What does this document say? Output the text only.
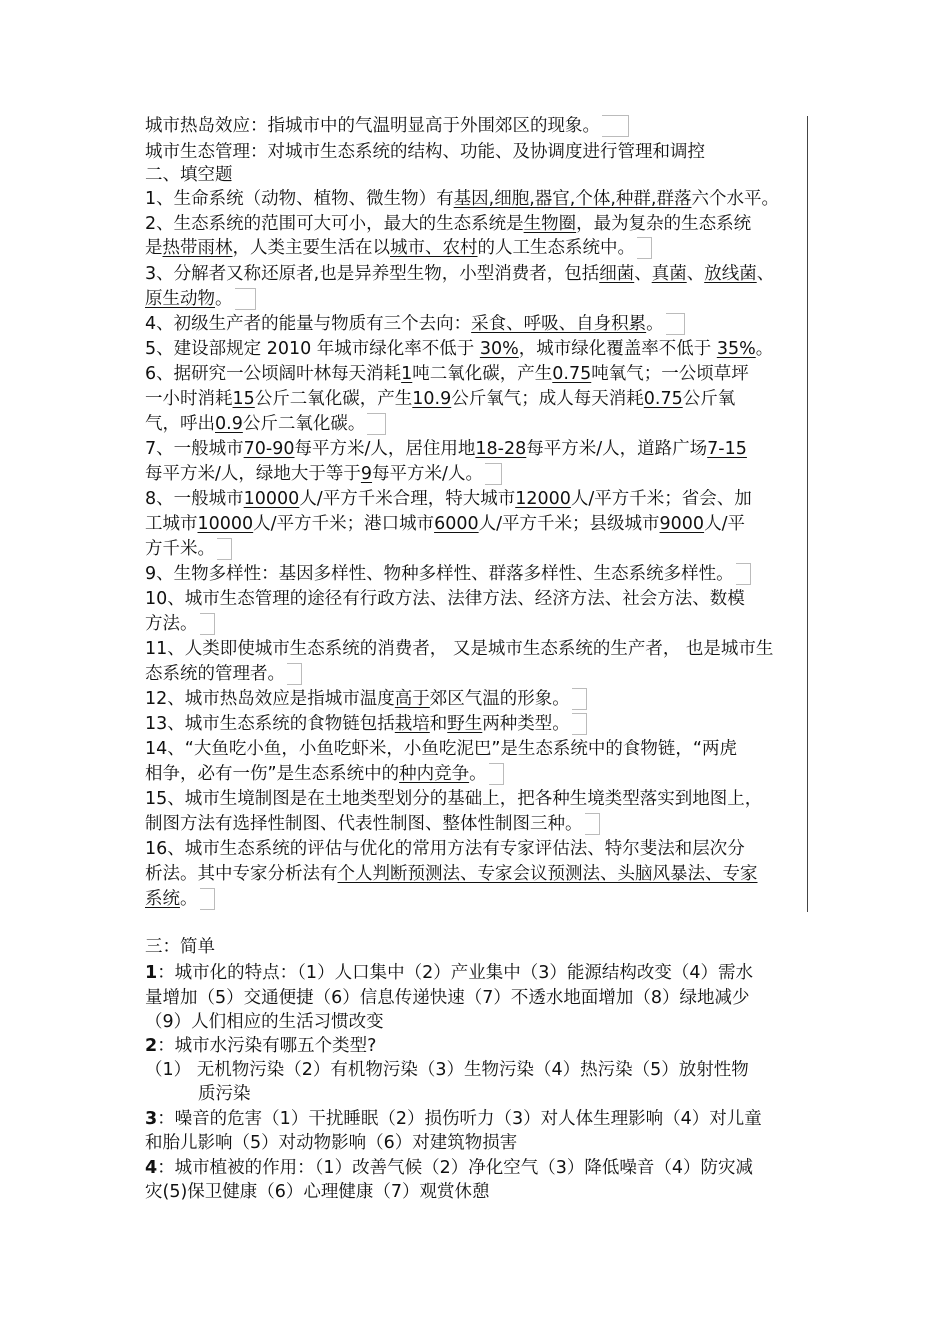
城市热岛效应：指城市中的气温明显高于外围郊区的现象。
城市生态管理：对城市生态系统的结构、功能、及协调度进行管理和调控
二、填空题
1、生命系统（动物、植物、微生物）有基因,细胞,器官,个体,种群,群落六个水平。
2、生态系统的范围可大可小，最大的生态系统是生物圈，最为复杂的生态系统
是热带雨林，人类主要生活在以城市、农村的人工生态系统中。
3、分解者又称还原者,也是异养型生物，小型消费者，包括细菌、真菌、放线菌、
原生动物。
4、初级生产者的能量与物质有三个去向：采食、呼吸、自身积累。
5、建设部规定 2010 年城市绿化率不低于 30%，城市绿化覆盖率不低于 35%。
6、据研究一公顷阔叶林每天消耗1吨二氧化碳，产生0.75吨氧气；一公顷草坪
一小时消耗15公斤二氧化碳，产生10.9公斤氧气；成人每天消耗0.75公斤氧
气，呼出0.9公斤二氧化碳。
7、一般城市70-90每平方米/人，居住用地18-28每平方米/人，道路广场7-15
每平方米/人，绿地大于等于9每平方米/人。
8、一般城市10000人/平方千米合理，特大城市12000人/平方千米；省会、加
工城市10000人/平方千米；港口城市6000人/平方千米；县级城市9000人/平
方千米。
9、生物多样性：基因多样性、物种多样性、群落多样性、生态系统多样性。
10、城市生态管理的途径有行政方法、法律方法、经济方法、社会方法、数模
方法。
11、人类即使城市生态系统的消费者， 又是城市生态系统的生产者， 也是城市生
态系统的管理者。
12、城市热岛效应是指城市温度高于郊区气温的形象。
13、城市生态系统的食物链包括栽培和野生两种类型。
14、“大鱼吃小鱼，小鱼吃虾米，小鱼吃泥巴”是生态系统中的食物链，“两虎
相争，必有一伤”是生态系统中的种内竞争。
15、城市生境制图是在土地类型划分的基础上，把各种生境类型落实到地图上，
制图方法有选择性制图、代表性制图、整体性制图三种。
16、城市生态系统的评估与优化的常用方法有专家评估法、特尔斐法和层次分
析法。其中专家分析法有个人判断预测法、专家会议预测法、头脑风暴法、专家
系统。
三：简单
1：城市化的特点：（1）人口集中（2）产业集中（3）能源结构改变（4）需水
量增加（5）交通便捷（6）信息传递快速（7）不透水地面增加（8）绿地减少
（9）人们相应的生活习惯改变
2：城市水污染有哪五个类型?
（1） 无机物污染（2）有机物污染（3）生物污染（4）热污染（5）放射性物
质污染
3：噪音的危害（1）干扰睡眠（2）损伤听力（3）对人体生理影响（4）对儿童
和胎儿影响（5）对动物影响（6）对建筑物损害
4：城市植被的作用：（1）改善气候（2）净化空气（3）降低噪音（4）防灾减
灾(5)保卫健康（6）心理健康（7）观赏休憩
